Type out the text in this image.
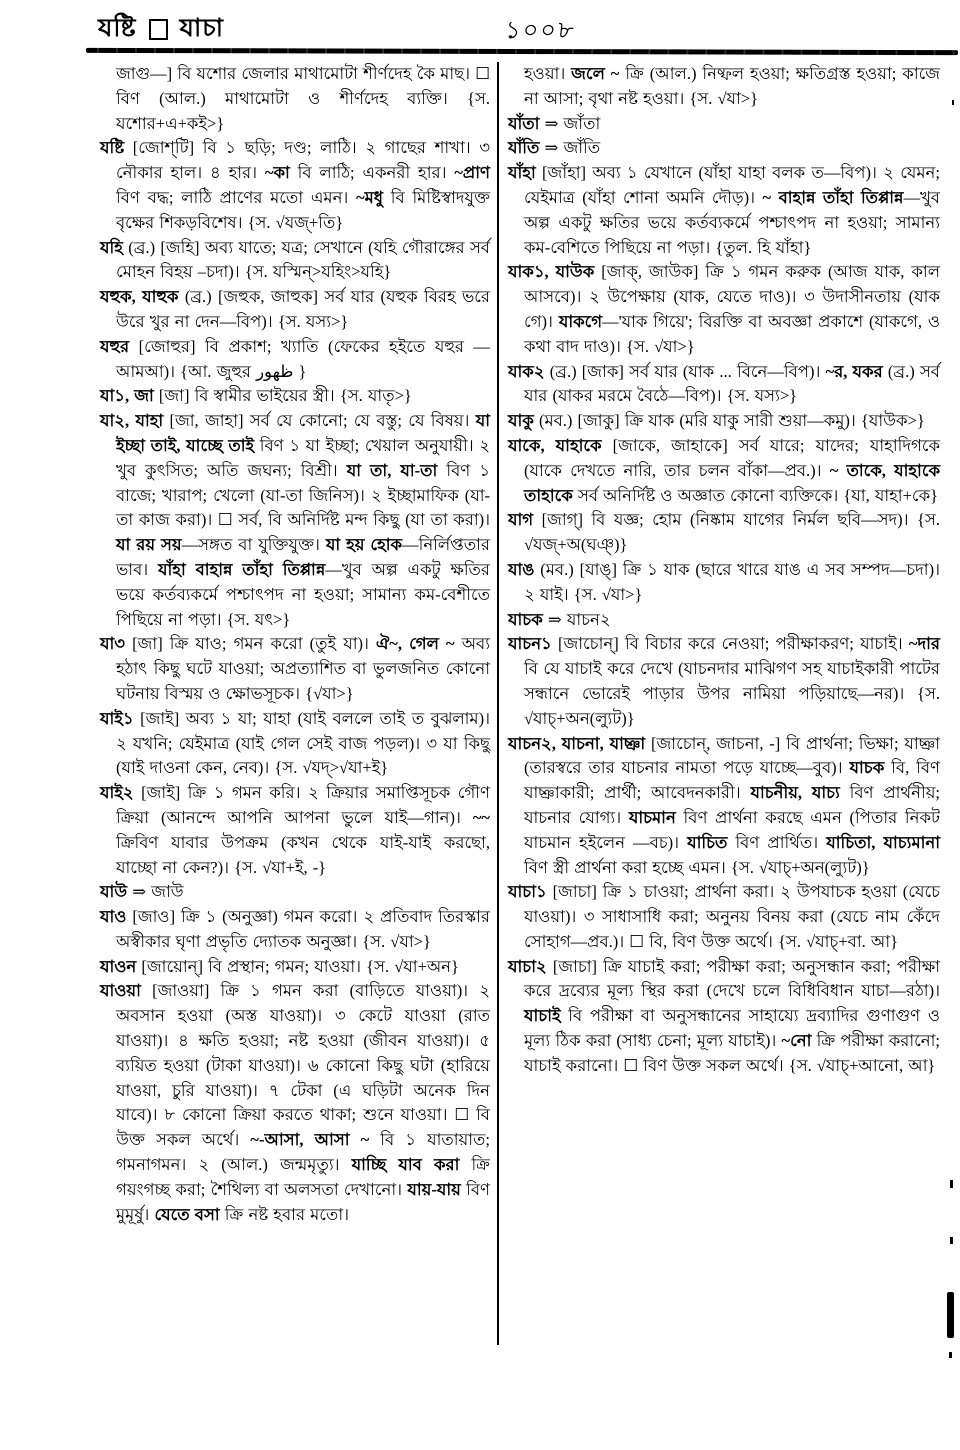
যষ্টি যাচা	১০০৮

জাগু—] বি যশোর জেলার মাথামোটা শীর্ণদেহ কৈ মাছ। ☐ বিণ (আল.) মাথামোটা ও শীর্ণদেহ ব্যক্তি। {স. যশোর+এ+কই>}

যষ্টি [জোশ্‌টি] বি ১ ছড়ি; দণ্ড; লাঠি। ২ গাছের শাখা। ৩ নৌকার হাল। ৪ হার। ~কা বি লাঠি; একনরী হার। ~প্রাণ বিণ বদ্ধ; লাঠি প্রাণের মতো এমন। ~মধু বি মিষ্টিস্বাদযুক্ত বৃক্ষের শিকড়বিশেষ। {স. √যজ্+তি}

যহি (ব্র.) [জহি] অব্য যাতে; যত্র; সেখানে (যহি গৌরাঙ্গের সর্ব মোহন বিহয় –চদা)। {স. যস্মিন্>যহিং>যহি}

যহুক, যাহুক (ব্র.) [জহুক, জাহুক] সর্ব যার (যহুক বিরহ ভরে উরে খুর না দেন—বিপ)। {স. যস্য>}

যহুর [জোহুর] বি প্রকাশ; খ্যাতি (ফেকের হইতে যহুর —আমআ)। {আ. জুহুর ظهور }

যা১, জা [জা] বি স্বামীর ভাইয়ের স্ত্রী। {স. যাতৃ>}

যা২, যাহা [জা, জাহা] সর্ব যে কোনো; যে বস্তু; যে বিষয়। যা ইচ্ছা তাই, যাচ্ছে তাই বিণ ১ যা ইচ্ছা; খেয়াল অনুযায়ী। ২ খুব কুৎসিত; অতি জঘন্য; বিশ্রী। যা তা, যা-তা বিণ ১ বাজে; খারাপ; খেলো (যা-তা জিনিস)। ২ ইচ্ছামাফিক (যা-তা কাজ করা)। ☐ সর্ব, বি অনির্দিষ্ট মন্দ কিছু (যা তা করা)। যা রয় সয়—সঙ্গত বা যুক্তিযুক্ত। যা হয় হোক—নির্লিপ্ততার ভাব। যাঁহা বাহান্ন তাঁহা তিপ্পান্ন—খুব অল্প একটু ক্ষতির ভয়ে কর্তব্যকর্মে পশ্চাৎপদ না হওয়া; সামান্য কম-বেশীতে পিছিয়ে না পড়া। {স. যৎ>}

যা৩ [জা] ক্রি যাও; গমন করো (তুই যা)। ঐ~, গেল ~ অব্য হঠাৎ কিছু ঘটে যাওয়া; অপ্রত্যাশিত বা ভুলজনিত কোনো ঘটনায় বিস্ময় ও ক্ষোভসূচক। {√যা>}

যাই১ [জাই] অব্য ১ যা; যাহা (যাই বললে তাই ত বুঝলাম)। ২ যখনি; যেইমাত্র (যাই গেল সেই বাজ পড়ল)। ৩ যা কিছু (যাই দাওনা কেন, নেব)। {স. √যদ্>√যা+ই}

যাই২ [জাই] ক্রি ১ গমন করি। ২ ক্রিয়ার সমাপ্তিসূচক গৌণ ক্রিয়া (আনন্দে আপনি আপনা ভুলে যাই—গান)। ~~ ক্রিবিণ যাবার উপক্রম (কখন থেকে যাই-যাই করছো, যাচ্ছো না কেন?)। {স. √যা+ই, -}

যাউ ⇒ জাউ

যাও [জাও] ক্রি ১ (অনুজ্ঞা) গমন করো। ২ প্রতিবাদ তিরস্কার অস্বীকার ঘৃণা প্রভৃতি দ্যোতক অনুজ্ঞা। {স. √যা>}

যাওন [জায়োন্] বি প্রস্থান; গমন; যাওয়া। {স. √যা+অন}

যাওয়া [জাওয়া] ক্রি ১ গমন করা (বাড়িতে যাওয়া)। ২ অবসান হওয়া (অস্ত যাওয়া)। ৩ কেটে যাওয়া (রাত যাওয়া)। ৪ ক্ষতি হওয়া; নষ্ট হওয়া (জীবন যাওয়া)। ৫ ব্যয়িত হওয়া (টাকা যাওয়া)। ৬ কোনো কিছু ঘটা (হারিয়ে যাওয়া, চুরি যাওয়া)। ৭ টেকা (এ ঘড়িটা অনেক দিন যাবে)। ৮ কোনো ক্রিয়া করতে থাকা; শুনে যাওয়া। ☐ বি উক্ত সকল অর্থে। ~-আসা, আসা ~ বি ১ যাতায়াত; গমনাগমন। ২ (আল.) জন্মমৃত্যু। যাচ্ছি যাব করা ক্রি গয়ংগচ্ছ করা; শৈথিল্য বা অলসতা দেখানো। যায়-যায় বিণ মুমূর্ষু। যেতে বসা ক্রি নষ্ট হবার মতো।

হওয়া। জলে ~ ক্রি (আল.) নিষ্ফল হওয়া; ক্ষতিগ্রস্ত হওয়া; কাজে না আসা; বৃথা নষ্ট হওয়া। {স. √যা>}

যাঁতা ⇒ জাঁতা

যাঁতি ⇒ জাঁতি

যাঁহা [জাঁহা] অব্য ১ যেখানে (যাঁহা যাহা বলক ত—বিপ)। ২ যেমন; যেইমাত্র (যাঁহা শোনা অমনি দৌড়)। ~ বাহান্ন তাঁহা তিপ্পান্ন—খুব অল্প একটু ক্ষতির ভয়ে কর্তব্যকর্মে পশ্চাৎপদ না হওয়া; সামান্য কম-বেশিতে পিছিয়ে না পড়া। {তুল. হি যাঁহা}

যাক১, যাউক [জাক্, জাউক] ক্রি ১ গমন করুক (আজ যাক, কাল আসবে)। ২ উপেক্ষায় (যাক, যেতে দাও)। ৩ উদাসীনতায় (যাক গে)। যাকগে—'যাক গিয়ে'; বিরক্তি বা অবজ্ঞা প্রকাশে (যাকগে, ও কথা বাদ দাও)। {স. √যা>}

যাক২ (ব্র.) [জাক] সর্ব যার (যাক ... বিনে—বিপ)। ~র, যকর (ব্র.) সর্ব যার (যাকর মরমে বৈঠে—বিপ)। {স. যস্য>}

যাকু (মব.) [জাকু] ক্রি যাক (মরি যাকু সারী শুয়া—কমু)। {যাউক>}

যাকে, যাহাকে [জাকে, জাহাকে] সর্ব যারে; যাদের; যাহাদিগকে (যাকে দেখতে নারি, তার চলন বাঁকা—প্রব.)। ~ তাকে, যাহাকে তাহাকে সর্ব অনির্দিষ্ট ও অজ্ঞাত কোনো ব্যক্তিকে। {যা, যাহা+কে}

যাগ [জাগ্] বি যজ্ঞ; হোম (নিষ্কাম যাগের নির্মল ছবি—সদ)। {স. √যজ্+অ(ঘঞ্)}

যাঙ (মব.) [যাঙ্] ক্রি ১ যাক (ছারে খারে যাঙ এ সব সম্পদ—চদা)। ২ যাই। {স. √যা>}

যাচক ⇒ যাচন২

যাচন১ [জাচোন্] বি বিচার করে নেওয়া; পরীক্ষাকরণ; যাচাই। ~দার বি যে যাচাই করে দেখে (যাচনদার মাঝিগণ সহ যাচাইকারী পাটের সন্ধানে ভোরেই পাড়ার উপর নামিয়া পড়িয়াছে—নর)। {স. √যাচ্+অন(ল্যুট)}

যাচন২, যাচনা, যাচ্ঞা [জাচোন্, জাচনা, -] বি প্রার্থনা; ভিক্ষা; যাচ্ঞা (তারস্বরে তার যাচনার নামতা পড়ে যাচ্ছে—বুব)। যাচক বি, বিণ যাচ্ঞাকারী; প্রার্থী; আবেদনকারী। যাচনীয়, যাচ্য বিণ প্রার্থনীয়; যাচনার যোগ্য। যাচমান বিণ প্রার্থনা করছে এমন (পিতার নিকট যাচমান হইলেন —বচ)। যাচিত বিণ প্রার্থিত। যাচিতা, যাচ্যমানা বিণ স্ত্রী প্রার্থনা করা হচ্ছে এমন। {স. √যাচ্+অন(ল্যুট)}

যাচা১ [জাচা] ক্রি ১ চাওয়া; প্রার্থনা করা। ২ উপযাচক হওয়া (যেচে যাওয়া)। ৩ সাধাসাধি করা; অনুনয় বিনয় করা (যেচে নাম কেঁদে সোহাগ—প্রব.)। ☐ বি, বিণ উক্ত অর্থে। {স. √যাচ্+বা. আ}

যাচা২ [জাচা] ক্রি যাচাই করা; পরীক্ষা করা; অনুসন্ধান করা; পরীক্ষা করে দ্রব্যের মূল্য স্থির করা (দেখে চলে বিধিবিধান যাচা—রঠা)। যাচাই বি পরীক্ষা বা অনুসন্ধানের সাহায্যে দ্রব্যাদির গুণাগুণ ও মূল্য ঠিক করা (সাধ্য চেনা; মূল্য যাচাই)। ~নো ক্রি পরীক্ষা করানো; যাচাই করানো। ☐ বিণ উক্ত সকল অর্থে। {স. √যাচ্+আনো, আ}
